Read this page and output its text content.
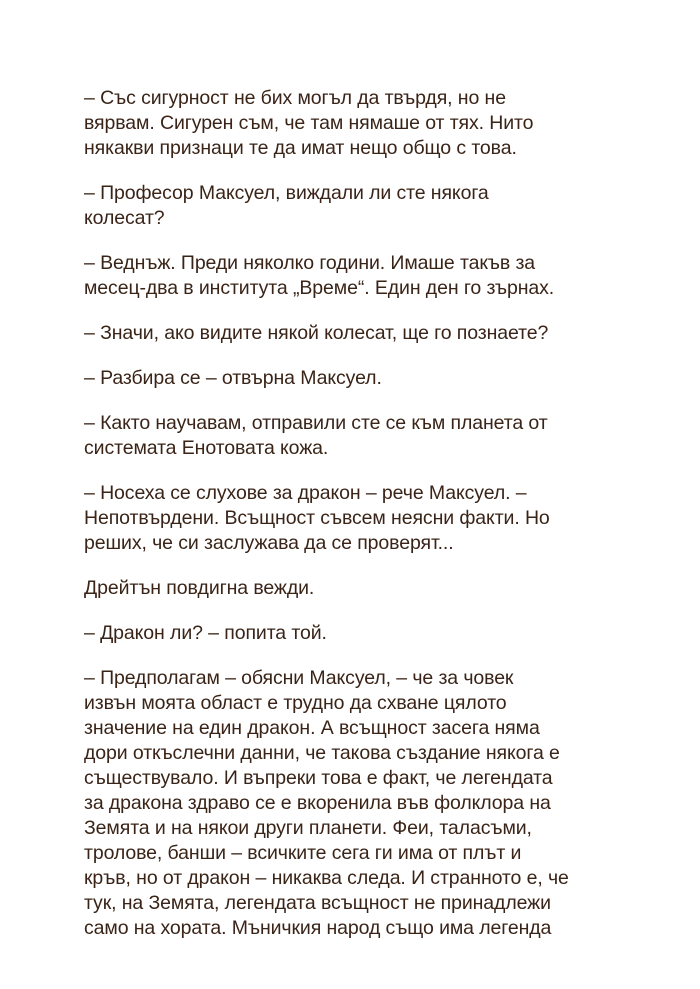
– Със сигурност не бих могъл да твърдя, но не
вярвам. Сигурен съм, че там нямаше от тях. Нито
някакви признаци те да имат нещо общо с това.

– Професор Максуел, виждали ли сте някога
колесат?

– Веднъж. Преди няколко години. Имаше такъв за
месец-два в института „Време“. Един ден го зърнах.

– Значи, ако видите някой колесат, ще го познаете?

– Разбира се – отвърна Максуел.

– Както научавам, отправили сте се към планета от
системата Енотовата кожа.

– Носеха се слухове за дракон – рече Максуел. –
Непотвърдени. Всъщност съвсем неясни факти. Но
реших, че си заслужава да се проверят...

Дрейтън повдигна вежди.

– Дракон ли? – попита той.

– Предполагам – обясни Максуел, – че за човек
извън моята област е трудно да схване цялото
значение на един дракон. А всъщност засега няма
дори откъслечни данни, че такова създание някога е
съществувало. И въпреки това е факт, че легендата
за дракона здраво се е вкоренила във фолклора на
Земята и на някои други планети. Феи, таласъми,
тролове, банши – всичките сега ги има от плът и
кръв, но от дракон – никаква следа. И странното е, че
тук, на Земята, легендата всъщност не принадлежи
само на хората. Мъничкия народ също има легенда
